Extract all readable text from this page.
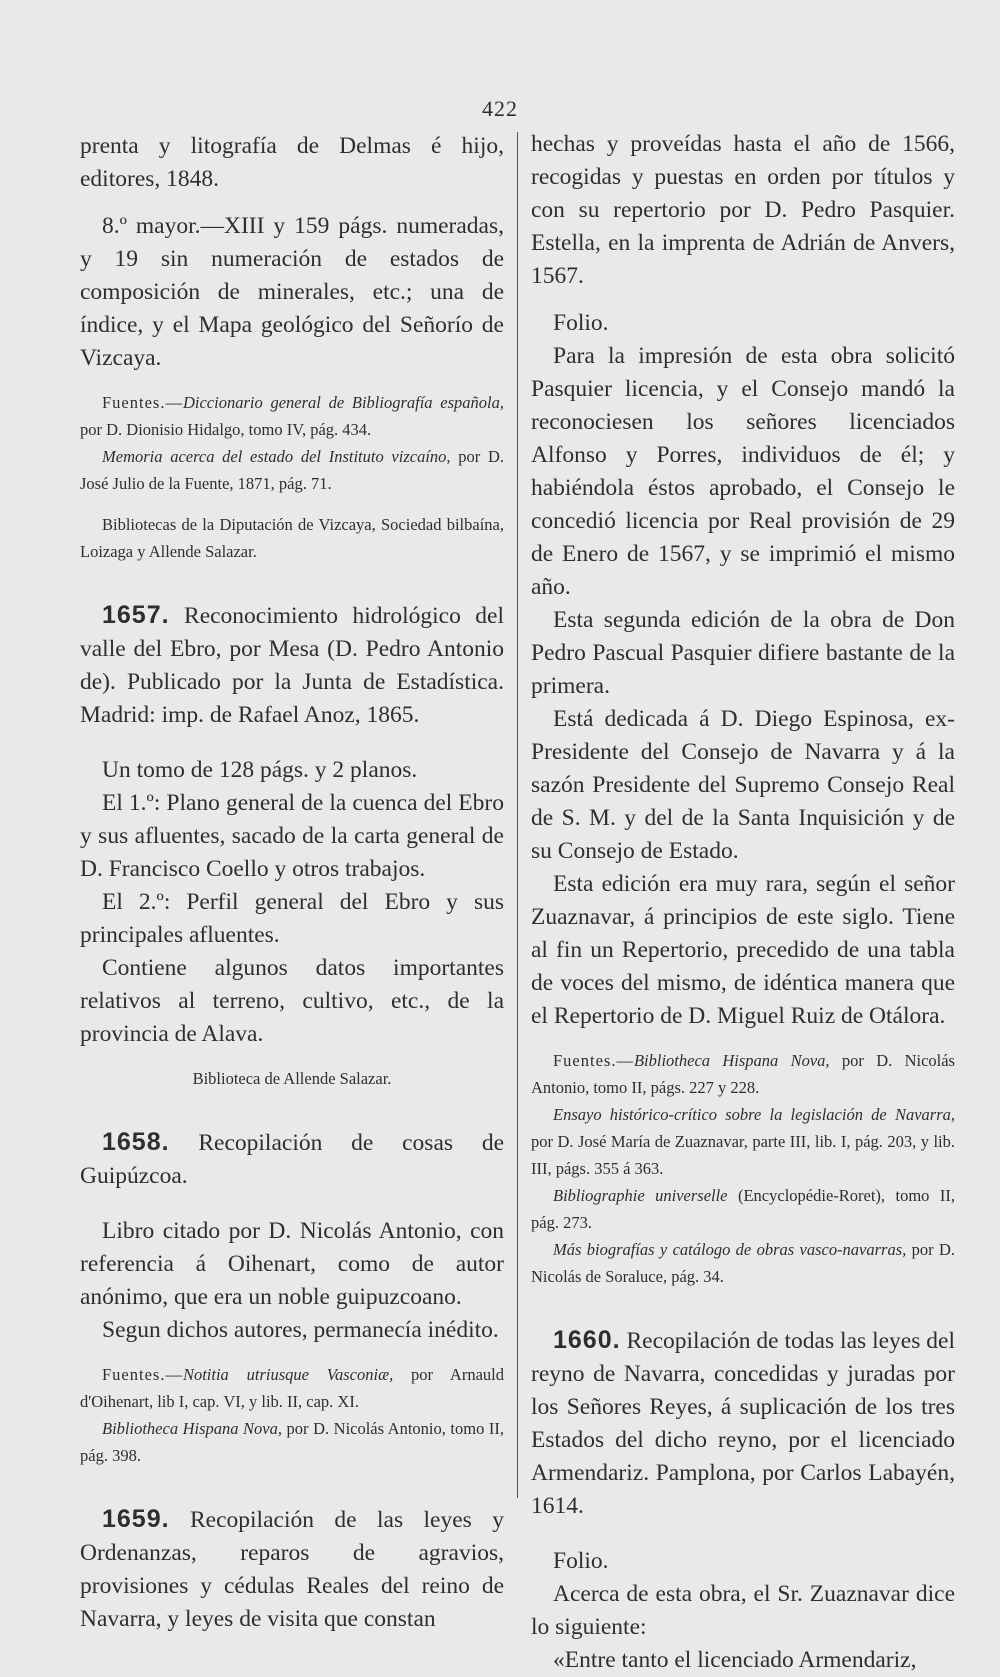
422

prenta y litografía de Delmas é hijo, editores, 1848.

8.º mayor.—XIII y 159 págs. numeradas, y 19 sin numeración de estados de composición de minerales, etc.; una de índice, y el Mapa geológico del Señorío de Vizcaya.

Fuentes.—Diccionario general de Bibliografía española, por D. Dionisio Hidalgo, tomo IV, pág. 434.

Memoria acerca del estado del Instituto vizcaíno, por D. José Julio de la Fuente, 1871, pág. 71.

Bibliotecas de la Diputación de Vizcaya, Sociedad bilbaína, Loizaga y Allende Salazar.

1657. Reconocimiento hidrológico del valle del Ebro, por Mesa (D. Pedro Antonio de). Publicado por la Junta de Estadística. Madrid: imp. de Rafael Anoz, 1865.

Un tomo de 128 págs. y 2 planos.

El 1.º: Plano general de la cuenca del Ebro y sus afluentes, sacado de la carta general de D. Francisco Coello y otros trabajos.

El 2.º: Perfil general del Ebro y sus principales afluentes.

Contiene algunos datos importantes relativos al terreno, cultivo, etc., de la provincia de Alava.

Biblioteca de Allende Salazar.

1658. Recopilación de cosas de Guipúzcoa.

Libro citado por D. Nicolás Antonio, con referencia á Oihenart, como de autor anónimo, que era un noble guipuzcoano.

Segun dichos autores, permanecía inédito.

Fuentes.—Notitia utriusque Vasconiæ, por Arnauld d'Oihenart, lib I, cap. VI, y lib. II, cap. XI.

Bibliotheca Hispana Nova, por D. Nicolás Antonio, tomo II, pág. 398.

1659. Recopilación de las leyes y Ordenanzas, reparos de agravios, provisiones y cédulas Reales del reino de Navarra, y leyes de visita que constan

hechas y proveídas hasta el año de 1566, recogidas y puestas en orden por títulos y con su repertorio por D. Pedro Pasquier. Estella, en la imprenta de Adrián de Anvers, 1567.

Folio.

Para la impresión de esta obra solicitó Pasquier licencia, y el Consejo mandó la reconociesen los señores licenciados Alfonso y Porres, individuos de él; y habiéndola éstos aprobado, el Consejo le concedió licencia por Real provisión de 29 de Enero de 1567, y se imprimió el mismo año.

Esta segunda edición de la obra de Don Pedro Pascual Pasquier difiere bastante de la primera.

Está dedicada á D. Diego Espinosa, ex-Presidente del Consejo de Navarra y á la sazón Presidente del Supremo Consejo Real de S. M. y del de la Santa Inquisición y de su Consejo de Estado.

Esta edición era muy rara, según el señor Zuaznavar, á principios de este siglo. Tiene al fin un Repertorio, precedido de una tabla de voces del mismo, de idéntica manera que el Repertorio de D. Miguel Ruiz de Otálora.

Fuentes.—Bibliotheca Hispana Nova, por D. Nicolás Antonio, tomo II, págs. 227 y 228.

Ensayo histórico-crítico sobre la legislación de Navarra, por D. José María de Zuaznavar, parte III, lib. I, pág. 203, y lib. III, págs. 355 á 363.

Bibliographie universelle (Encyclopédie-Roret), tomo II, pág. 273.

Más biografías y catálogo de obras vasco-navarras, por D. Nicolás de Soraluce, pág. 34.

1660. Recopilación de todas las leyes del reyno de Navarra, concedidas y juradas por los Señores Reyes, á suplicación de los tres Estados del dicho reyno, por el licenciado Armendariz. Pamplona, por Carlos Labayén, 1614.

Folio.

Acerca de esta obra, el Sr. Zuaznavar dice lo siguiente:

«Entre tanto el licenciado Armendariz,
